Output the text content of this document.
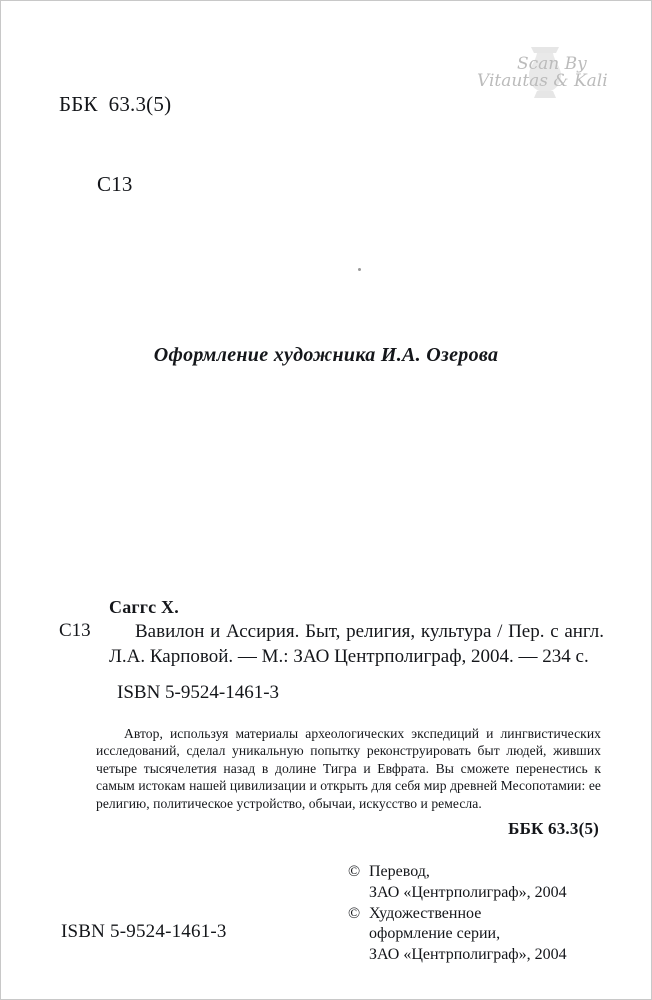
ББК  63.3(5)

С13

Scan By
Vitautas & Kali
Оформление художника И.А. Озерова
Саггс Х.
С13	Вавилон и Ассирия. Быт, религия, культура / Пер. с англ. Л.А. Карповой. — М.: ЗАО Центрполиграф, 2004. — 234 с.
ISBN 5-9524-1461-3
Автор, используя материалы археологических экспедиций и лингвистических исследований, сделал уникальную попытку реконструировать быт людей, живших четыре тысячелетия назад в долине Тигра и Евфрата. Вы сможете перенестись к самым истокам нашей цивилизации и открыть для себя мир древней Месопотамии: ее религию, политическое устройство, обычаи, искусство и ремесла.
ББК 63.3(5)
© Перевод,
ЗАО «Центрполиграф», 2004
© Художественное
оформление серии,
ЗАО «Центрполиграф», 2004
ISBN 5-9524-1461-3
